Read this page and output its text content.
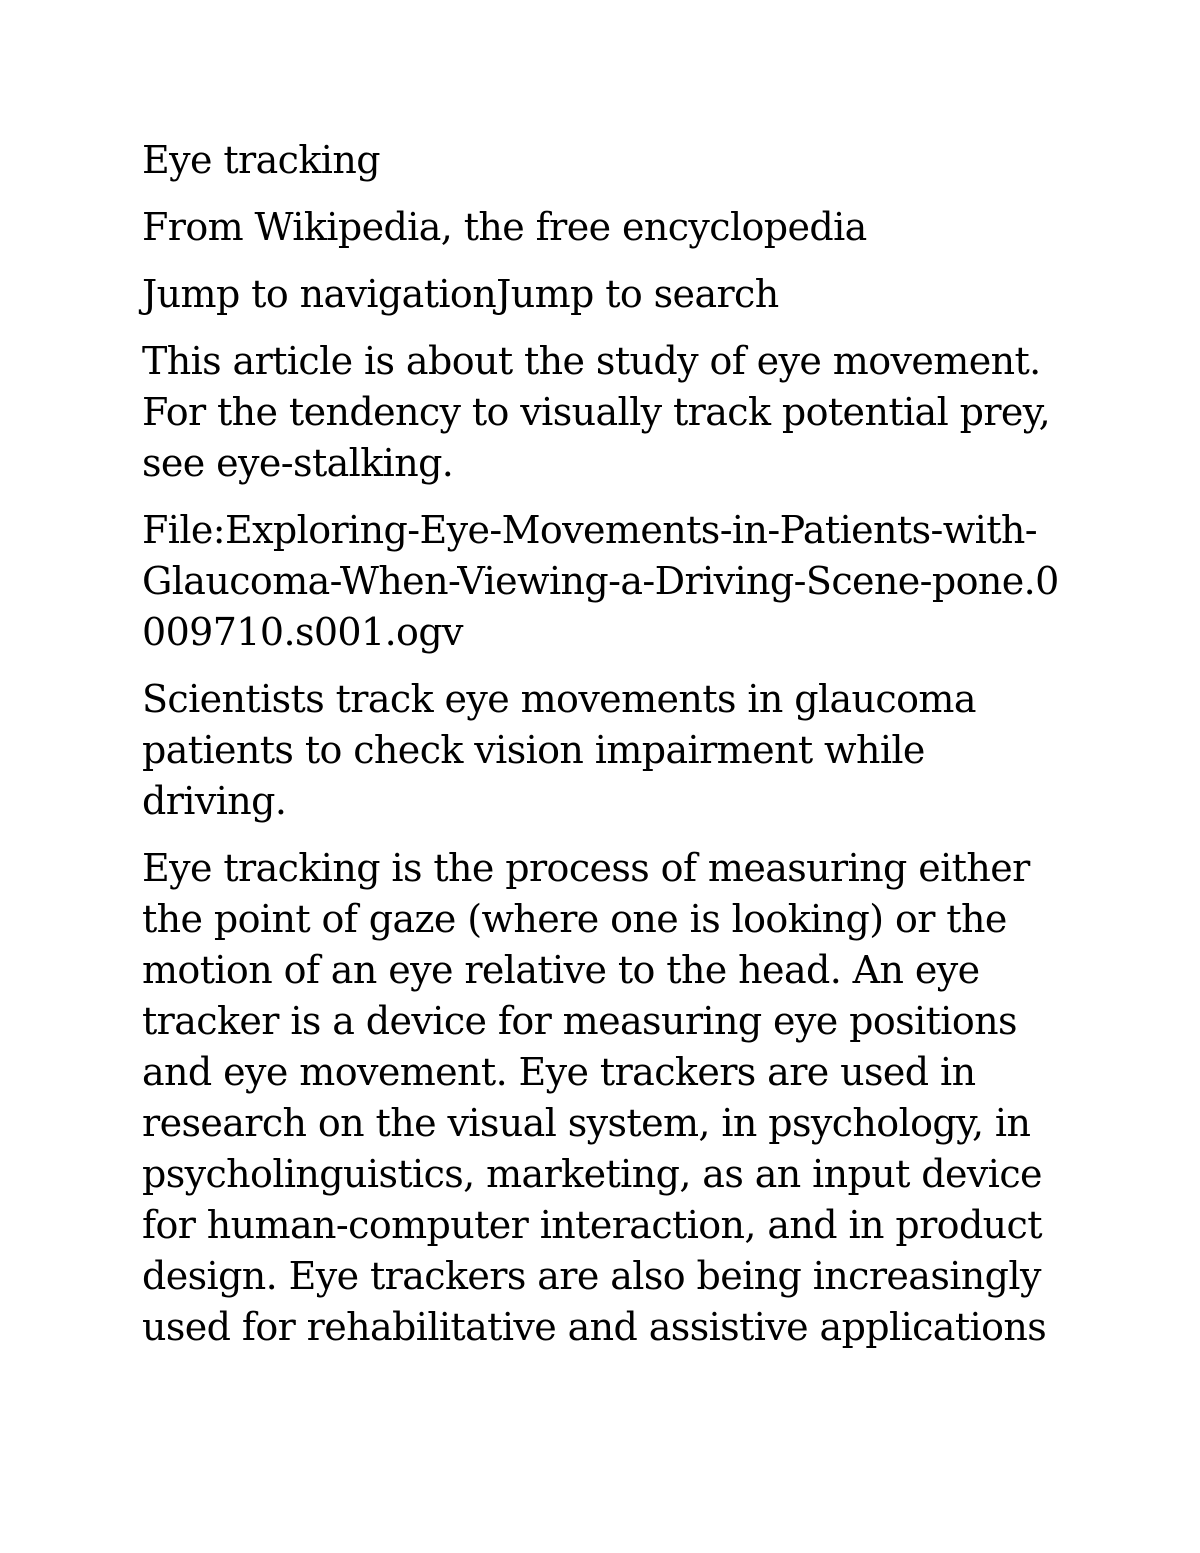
Eye tracking

From Wikipedia, the free encyclopedia

Jump to navigationJump to search

This article is about the study of eye movement. For the tendency to visually track potential prey, see eye-stalking.

File:Exploring-Eye-Movements-in-Patients-with-Glaucoma-When-Viewing-a-Driving-Scene-pone.0009710.s001.ogv

Scientists track eye movements in glaucoma patients to check vision impairment while driving.

Eye tracking is the process of measuring either the point of gaze (where one is looking) or the motion of an eye relative to the head. An eye tracker is a device for measuring eye positions and eye movement. Eye trackers are used in research on the visual system, in psychology, in psycholinguistics, marketing, as an input device for human-computer interaction, and in product design. Eye trackers are also being increasingly used for rehabilitative and assistive applications
